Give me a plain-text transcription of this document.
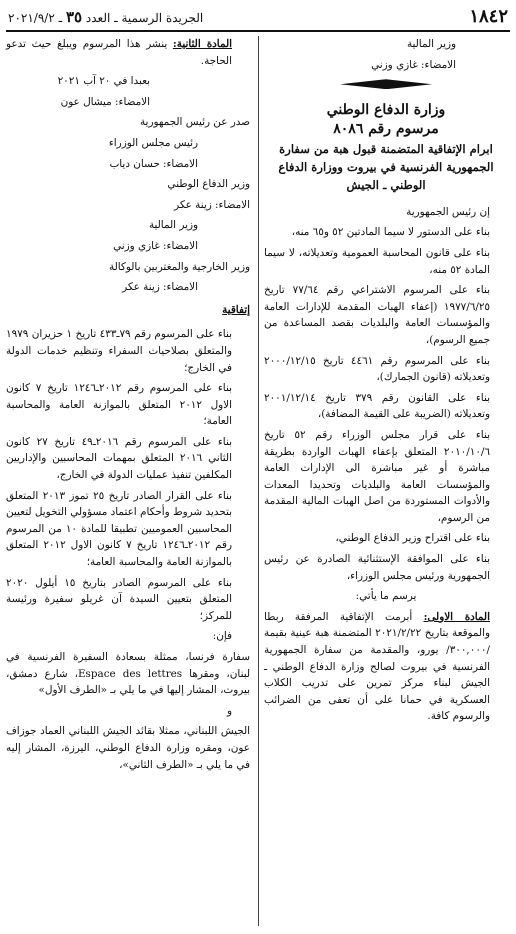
١٨٤٢
الجريدة الرسمية ـ العدد ٣٥ ـ ٢٠٢١/٩/٢
وزير المالية
الامضاء: غازي وزني
وزارة الدفاع الوطني
مرسوم رقم ٨٠٨٦
ابرام الإتفاقية المتضمنة قبول هبة من سفارة الجمهورية الفرنسية في بيروت ووزارة الدفاع الوطني ـ الجيش
إن رئيس الجمهورية
بناء على الدستور لا سيما المادتين ٥٢ و٦٥ منه،
بناء على قانون المحاسبة العمومية وتعديلاته، لا سيما المادة ٥٢ منه،
بناء على المرسوم الاشتراعي رقم ٧٧/٦٤ تاريخ ١٩٧٧/٦/٢٥ (إعفاء الهبات المقدمة للإدارات العامة والمؤسسات العامة والبلديات بقصد المساعدة من جميع الرسوم)،
بناء على المرسوم رقم ٤٤٦١ تاريخ ٢٠٠٠/١٢/١٥ وتعديلاته (قانون الجمارك)،
بناء على القانون رقم ٣٧٩ تاريخ ٢٠٠١/١٢/١٤ وتعديلاته (الضريبة على القيمة المضافة)،
بناء على قرار مجلس الوزراء رقم ٥٢ تاريخ ٢٠١٠/١٠/٦ المتعلق بإعفاء الهبات الواردة بطريقة مباشرة أو غير مباشرة الى الإدارات العامة والمؤسسات العامة والبلديات وتحديدا المعدات والأدوات المستوردة من اصل الهبات المالية المقدمة من الرسوم،
بناء على اقتراح وزير الدفاع الوطني،
بناء على الموافقة الإستثنائية الصادرة عن رئيس الجمهورية ورئيس مجلس الوزراء،
يرسم ما يأتي:
المادة الاولى: أبرمت الإتفاقية المرفقة ربطا والموقعة بتاريخ ٢٠٢١/٢/٢٢ المتضمنة هبة عينية بقيمة /٣٠٠,٠٠٠/ يورو، والمقدمة من سفارة الجمهورية الفرنسية في بيروت لصالح وزارة الدفاع الوطني ـ الجيش لبناء مركز تمرين على تدريب الكلاب العسكرية في حمانا على أن تعفى من الضرائب والرسوم كافة.
المادة الثانية: ينشر هذا المرسوم ويبلغ حيث تدعو الحاجة.
بعبدا في ٢٠ آب ٢٠٢١
الامضاء: ميشال عون
صدر عن رئيس الجمهورية
رئيس مجلس الوزراء
الامضاء: حسان دياب
وزير الدفاع الوطني
الامضاء: زينة عكر
وزير المالية
الامضاء: غازي وزني
وزير الخارجية والمغتربين بالوكالة
الامضاء: زينة عكر
إتفاقية
بناء على المرسوم رقم ٧٩ـ٤٣٣ تاريخ ١ حزيران ١٩٧٩ والمتعلق بصلاحيات السفراء وتنظيم خدمات الدولة في الخارج؛
بناء على المرسوم رقم ٢٠١٢ـ١٢٤٦ تاريخ ٧ كانون الاول ٢٠١٢ المتعلق بالموازنة العامة والمحاسبة العامة؛
بناء على المرسوم رقم ٢٠١٦ـ٤٩ تاريخ ٢٧ كانون الثاني ٢٠١٦ المتعلق بمهمات المحاسبين والإداريين المكلفين تنفيذ عمليات الدولة في الخارج،
بناء على القرار الصادر تاريخ ٢٥ تموز ٢٠١٣ المتعلق بتحديد شروط وأحكام اعتماد مسؤولي التخويل لتعيين المحاسبين العموميين تطبيقا للمادة ١٠ من المرسوم رقم ٢٠١٢ـ١٢٤٦ تاريخ ٧ كانون الاول ٢٠١٢ المتعلق بالموازنة العامة والمحاسبة العامة؛
بناء على المرسوم الصادر بتاريخ ١٥ أيلول ٢٠٢٠ المتعلق بتعيين السيدة آن غريلو سفيرة ورئيسة للمركز؛
فإن:
سفارة فرنسا، ممثلة بسعادة السفيرة الفرنسية في لبنان، ومقرها Espace des lettres، شارع دمشق، بيروت، المشار إليها في ما يلي بـ «الطرف الأول»
و
الجيش اللبناني، ممثلا بقائد الجيش اللبناني العماد جوزاف عون، ومقره وزارة الدفاع الوطني، اليرزة، المشار إليه في ما يلي بـ «الطرف الثاني»،
